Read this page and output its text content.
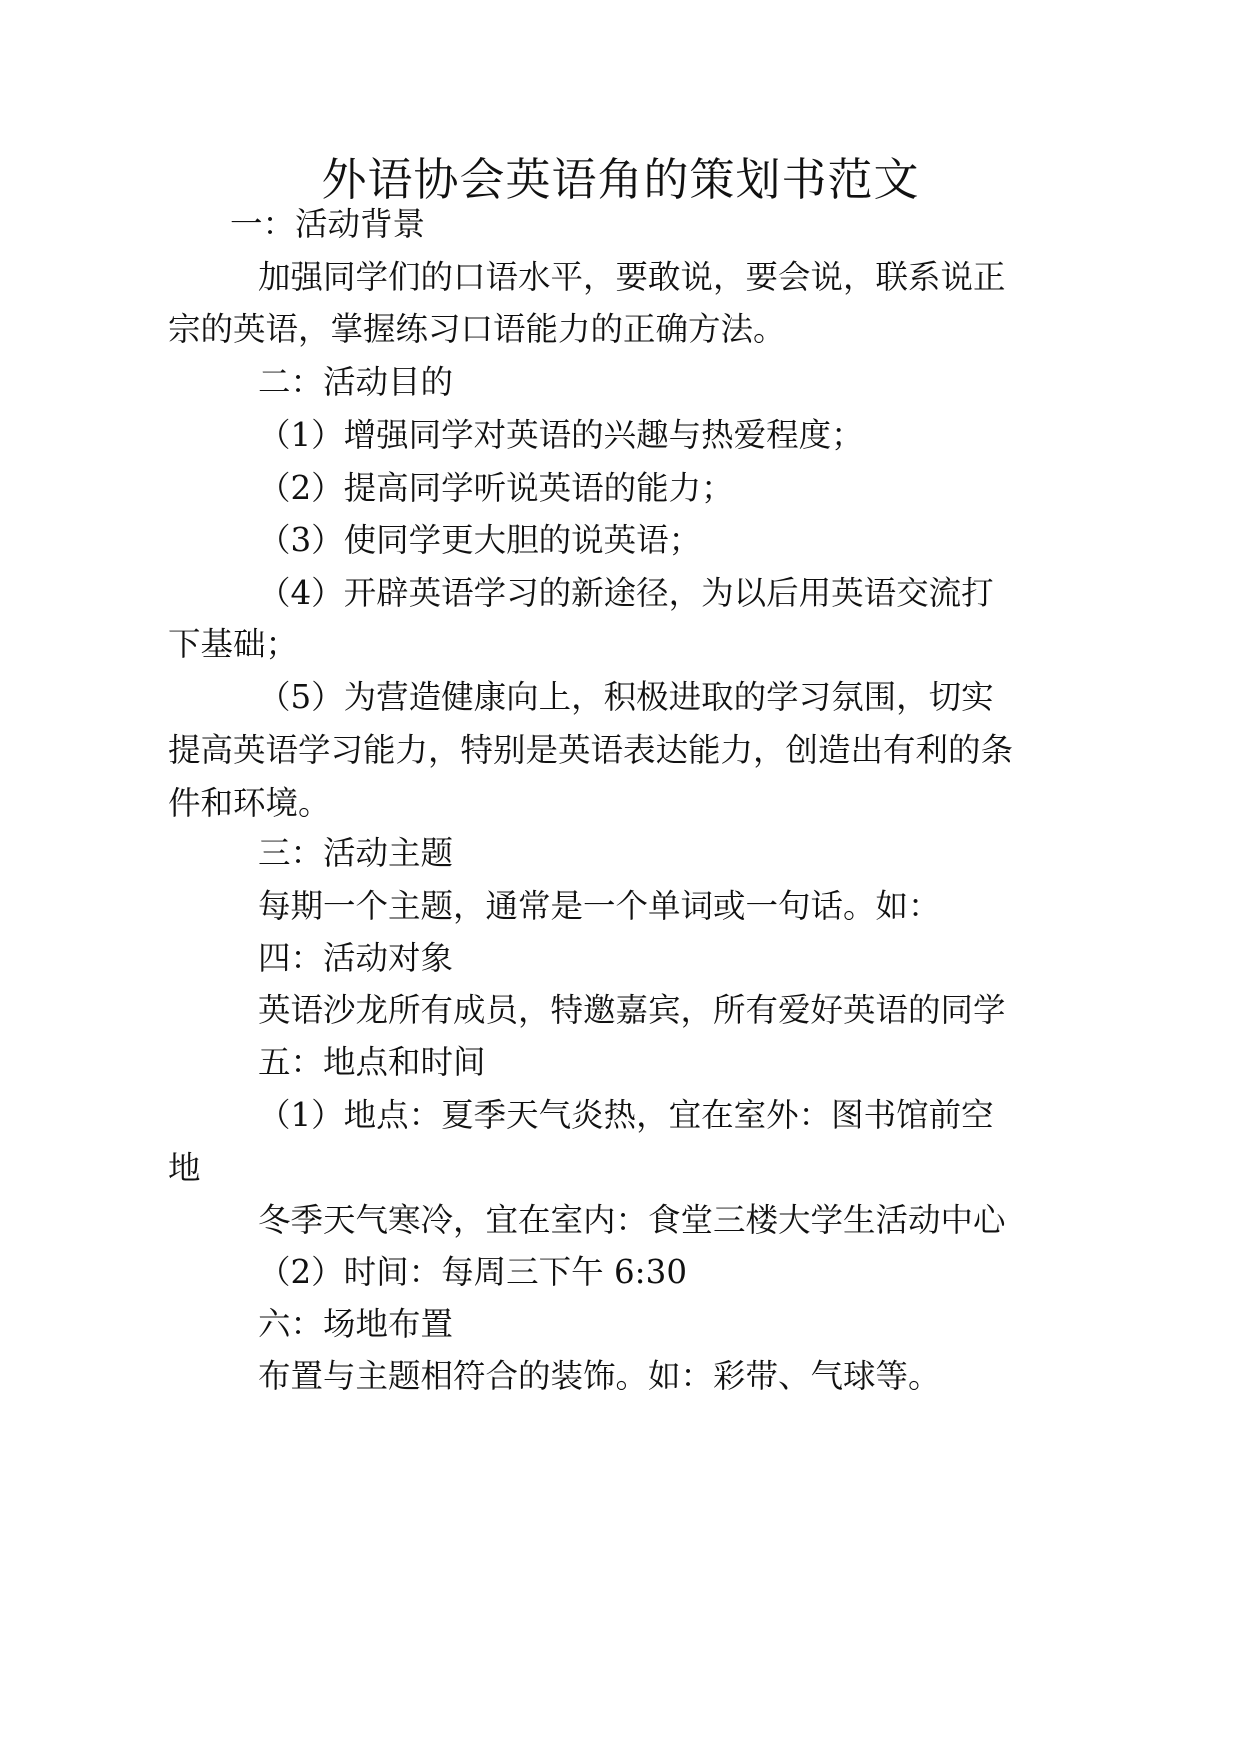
外语协会英语角的策划书范文
一：活动背景
加强同学们的口语水平，要敢说，要会说，联系说正
宗的英语，掌握练习口语能力的正确方法。
二：活动目的
（1）增强同学对英语的兴趣与热爱程度；
（2）提高同学听说英语的能力；
（3）使同学更大胆的说英语；
（4）开辟英语学习的新途径，为以后用英语交流打
下基础；
（5）为营造健康向上，积极进取的学习氛围，切实
提高英语学习能力，特别是英语表达能力，创造出有利的条
件和环境。
三：活动主题
每期一个主题，通常是一个单词或一句话。如：
四：活动对象
英语沙龙所有成员，特邀嘉宾，所有爱好英语的同学
五：地点和时间
（1）地点：夏季天气炎热，宜在室外：图书馆前空
地
冬季天气寒冷，宜在室内：食堂三楼大学生活动中心
（2）时间：每周三下午 6:30
六：场地布置
布置与主题相符合的装饰。如：彩带、气球等。
